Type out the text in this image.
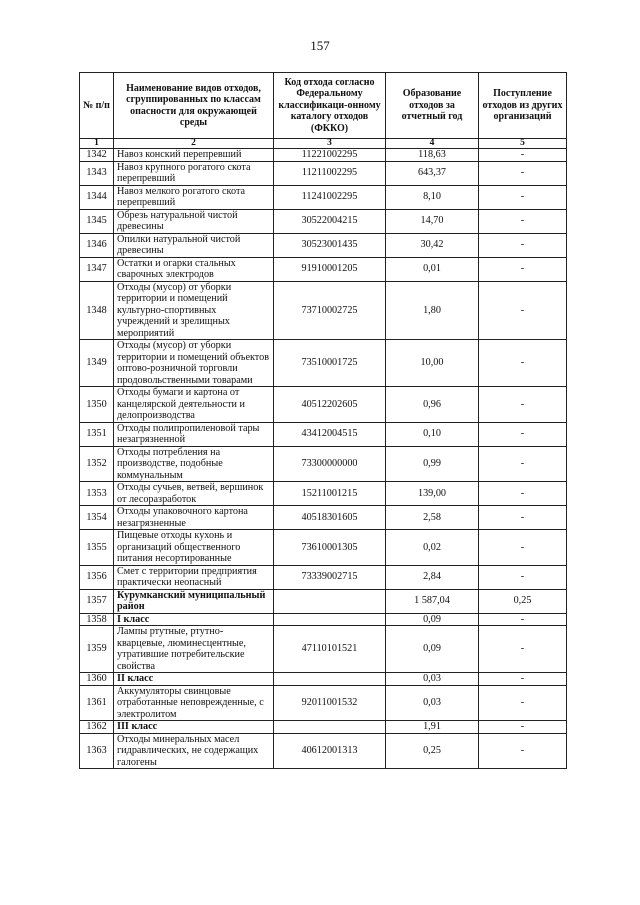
157
№ п/п	Наименование видов отходов, сгруппированных по классам опасности для окружающей среды	Код отхода согласно Федеральному классификаци-онному каталогу отходов (ФККО)	Образование отходов за отчетный год	Поступление отходов из других организаций
1	2	3	4	5
1342	Навоз конский перепревший	11221002295	118,63	-
1343	Навоз крупного рогатого скота перепревший	11211002295	643,37	-
1344	Навоз мелкого рогатого скота перепревший	11241002295	8,10	-
1345	Обрезь натуральной чистой древесины	30522004215	14,70	-
1346	Опилки натуральной чистой древесины	30523001435	30,42	-
1347	Остатки и огарки стальных сварочных электродов	91910001205	0,01	-
1348	Отходы (мусор) от уборки территории и помещений культурно-спортивных учреждений и зрелищных мероприятий	73710002725	1,80	-
1349	Отходы (мусор) от уборки территории и помещений объектов оптово-розничной торговли продовольственными товарами	73510001725	10,00	-
1350	Отходы бумаги и картона от канцелярской деятельности и делопроизводства	40512202605	0,96	-
1351	Отходы полипропиленовой тары незагрязненной	43412004515	0,10	-
1352	Отходы потребления на производстве, подобные коммунальным	73300000000	0,99	-
1353	Отходы сучьев, ветвей, вершинок от лесоразработок	15211001215	139,00	-
1354	Отходы упаковочного картона незагрязненные	40518301605	2,58	-
1355	Пищевые отходы кухонь и организаций общественного питания несортированные	73610001305	0,02	-
1356	Смет с территории предприятия практически неопасный	73339002715	2,84	-
1357	Курумканский муниципальный район		1 587,04	0,25
1358	I класс		0,09	-
1359	Лампы ртутные, ртутно-кварцевые, люминесцентные, утратившие потребительские свойства	47110101521	0,09	-
1360	II класс		0,03	-
1361	Аккумуляторы свинцовые отработанные неповрежденные, с электролитом	92011001532	0,03	-
1362	III класс		1,91	-
1363	Отходы минеральных масел гидравлических, не содержащих галогены	40612001313	0,25	-
